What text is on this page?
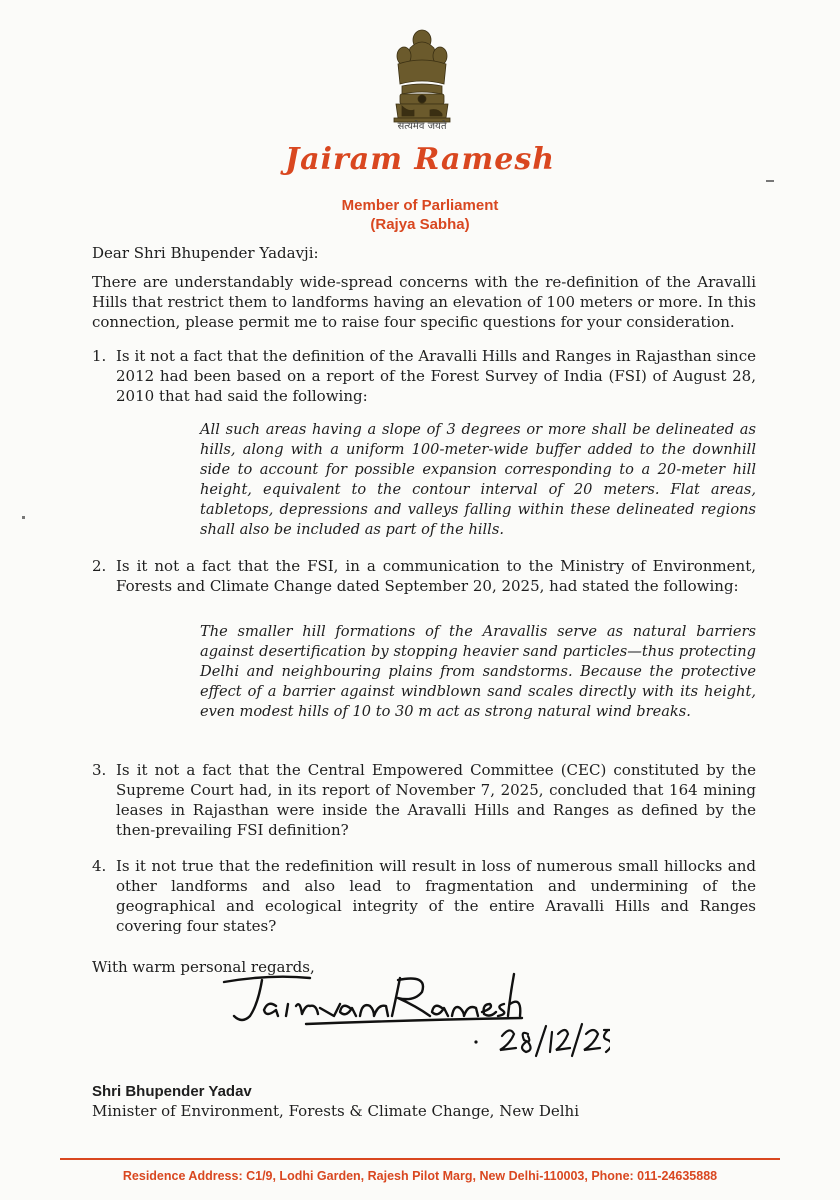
सत्यमेव जयते
Jairam Ramesh
Member of Parliament
(Rajya Sabha)
Dear Shri Bhupender Yadavji:
There are understandably wide-spread concerns with the re-definition of the Aravalli Hills that restrict them to landforms having an elevation of 100 meters or more. In this connection, please permit me to raise four specific questions for your consideration.
1. Is it not a fact that the definition of the Aravalli Hills and Ranges in Rajasthan since 2012 had been based on a report of the Forest Survey of India (FSI) of August 28, 2010 that had said the following:
All such areas having a slope of 3 degrees or more shall be delineated as hills, along with a uniform 100-meter-wide buffer added to the downhill side to account for possible expansion corresponding to a 20-meter hill height, equivalent to the contour interval of 20 meters. Flat areas, tabletops, depressions and valleys falling within these delineated regions shall also be included as part of the hills.
2. Is it not a fact that the FSI, in a communication to the Ministry of Environment, Forests and Climate Change dated September 20, 2025, had stated the following:
The smaller hill formations of the Aravallis serve as natural barriers against desertification by stopping heavier sand particles—thus protecting Delhi and neighbouring plains from sandstorms. Because the protective effect of a barrier against windblown sand scales directly with its height, even modest hills of 10 to 30 m act as strong natural wind breaks.
3. Is it not a fact that the Central Empowered Committee (CEC) constituted by the Supreme Court had, in its report of November 7, 2025, concluded that 164 mining leases in Rajasthan were inside the Aravalli Hills and Ranges as defined by the then-prevailing FSI definition?
4. Is it not true that the redefinition will result in loss of numerous small hillocks and other landforms and also lead to fragmentation and undermining of the geographical and ecological integrity of the entire Aravalli Hills and Ranges covering four states?
With warm personal regards,
Shri Bhupender Yadav
Minister of Environment, Forests & Climate Change, New Delhi
Residence Address: C1/9, Lodhi Garden, Rajesh Pilot Marg, New Delhi-110003, Phone: 011-24635888
